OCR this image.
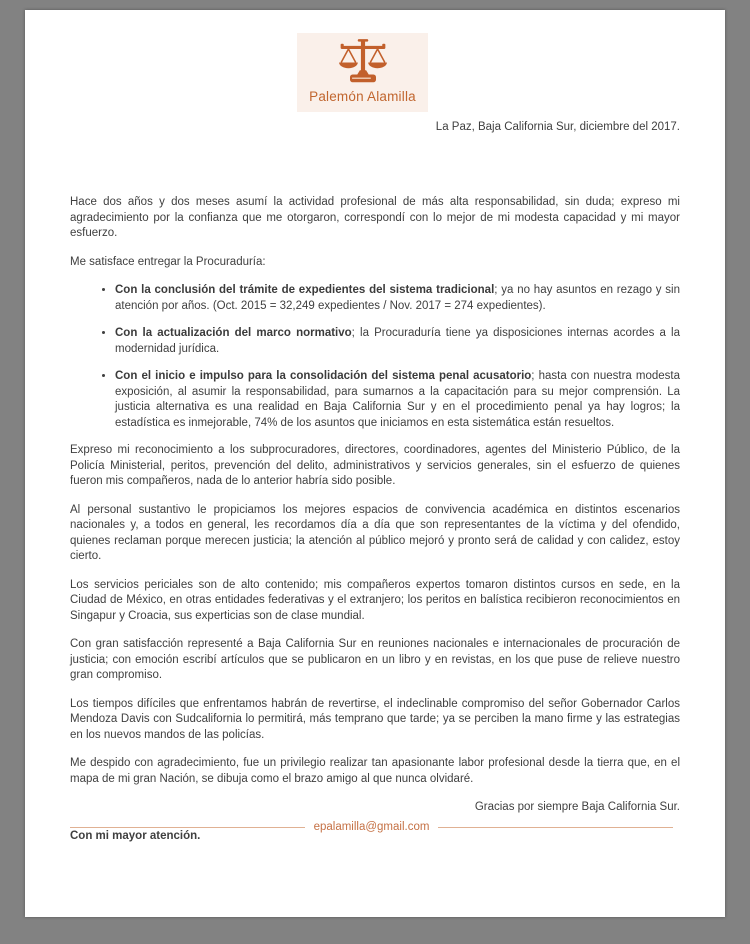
Palemón Alamilla
La Paz, Baja California Sur, diciembre del 2017.

Hace dos años y dos meses asumí la actividad profesional de más alta responsabilidad, sin duda; expreso mi agradecimiento por la confianza que me otorgaron, correspondí con lo mejor de mi modesta capacidad y mi mayor esfuerzo.

Me satisface entregar la Procuraduría:

• Con la conclusión del trámite de expedientes del sistema tradicional; ya no hay asuntos en rezago y sin atención por años. (Oct. 2015 = 32,249 expedientes / Nov. 2017 = 274 expedientes).
• Con la actualización del marco normativo; la Procuraduría tiene ya disposiciones internas acordes a la modernidad jurídica.
• Con el inicio e impulso para la consolidación del sistema penal acusatorio; hasta con nuestra modesta exposición, al asumir la responsabilidad, para sumarnos a la capacitación para su mejor comprensión. La justicia alternativa es una realidad en Baja California Sur y en el procedimiento penal ya hay logros; la estadística es inmejorable, 74% de los asuntos que iniciamos en esta sistemática están resueltos.

Expreso mi reconocimiento a los subprocuradores, directores, coordinadores, agentes del Ministerio Público, de la Policía Ministerial, peritos, prevención del delito, administrativos y servicios generales, sin el esfuerzo de quienes fueron mis compañeros, nada de lo anterior habría sido posible.

Al personal sustantivo le propiciamos los mejores espacios de convivencia académica en distintos escenarios nacionales y, a todos en general, les recordamos día a día que son representantes de la víctima y del ofendido, quienes reclaman porque merecen justicia; la atención al público mejoró y pronto será de calidad y con calidez, estoy cierto.

Los servicios periciales son de alto contenido; mis compañeros expertos tomaron distintos cursos en sede, en la Ciudad de México, en otras entidades federativas y el extranjero; los peritos en balística recibieron reconocimientos en Singapur y Croacia, sus experticias son de clase mundial.

Con gran satisfacción representé a Baja California Sur en reuniones nacionales e internacionales de procuración de justicia; con emoción escribí artículos que se publicaron en un libro y en revistas, en los que puse de relieve nuestro gran compromiso.

Los tiempos difíciles que enfrentamos habrán de revertirse, el indeclinable compromiso del señor Gobernador Carlos Mendoza Davis con Sudcalifornia lo permitirá, más temprano que tarde; ya se perciben la mano firme y las estrategias en los nuevos mandos de las policías.

Me despido con agradecimiento, fue un privilegio realizar tan apasionante labor profesional desde la tierra que, en el mapa de mi gran Nación, se dibuja como el brazo amigo al que nunca olvidaré.

Gracias por siempre Baja California Sur.

Con mi mayor atención.

epalamilla@gmail.com
